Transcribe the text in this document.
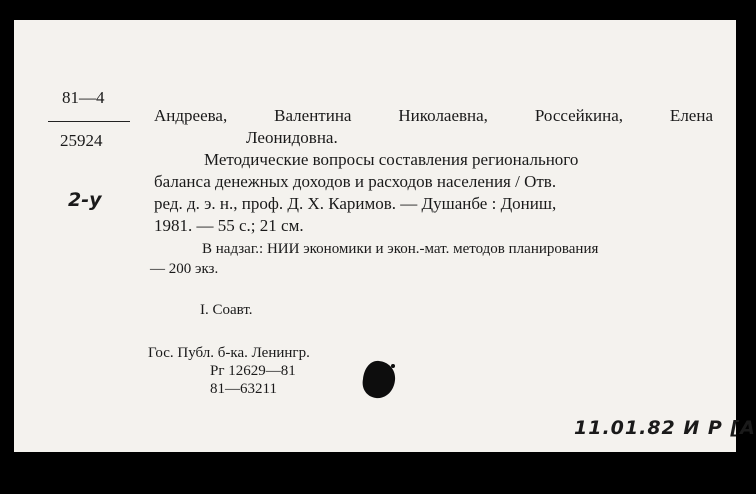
81—4
25924
2-у
Андреева, Валентина Николаевна, Россейкина, Елена
Леонидовна.
Методические вопросы составления регионального
баланса денежных доходов и расходов населения / Отв.
ред. д. э. н., проф. Д. Х. Каримов. — Душанбе : Дониш,
1981. — 55 с.; 21 см.
В надзаг.: НИИ экономики и экон.-мат. методов планирования
— 200 экз.
I. Соавт.
Гос. Публ. б-ка. Ленингр.
Рг 12629—81
81—63211
11.01.82 И Р [А
